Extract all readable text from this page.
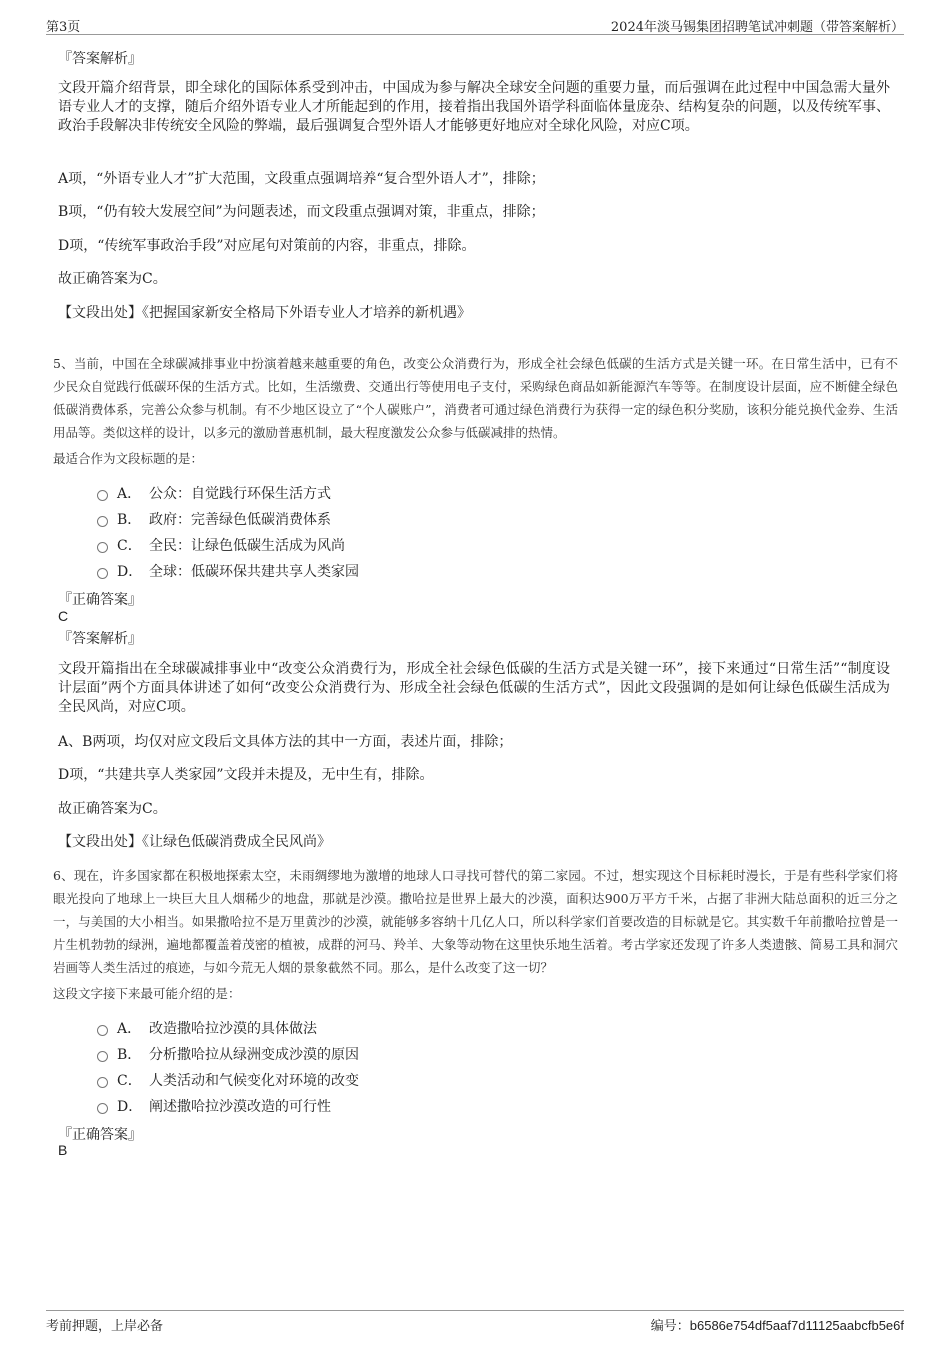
第3页	2024年淡马锡集团招聘笔试冲刺题（带答案解析）
『答案解析』
文段开篇介绍背景，即全球化的国际体系受到冲击，中国成为参与解决全球安全问题的重要力量，而后强调在此过程中中国急需大量外语专业人才的支撑，随后介绍外语专业人才所能起到的作用，接着指出我国外语学科面临体量庞杂、结构复杂的问题，以及传统军事、政治手段解决非传统安全风险的弊端，最后强调复合型外语人才能够更好地应对全球化风险，对应C项。
A项，“外语专业人才”扩大范围，文段重点强调培养“复合型外语人才”，排除；
B项，“仍有较大发展空间”为问题表述，而文段重点强调对策，非重点，排除；
D项，“传统军事政治手段”对应尾句对策前的内容，非重点，排除。
故正确答案为C。
【文段出处】《把握国家新安全格局下外语专业人才培养的新机遇》
5、当前，中国在全球碳减排事业中扮演着越来越重要的角色，改变公众消费行为，形成全社会绿色低碳的生活方式是关键一环。在日常生活中，已有不少民众自觉践行低碳环保的生活方式。比如，生活缴费、交通出行等使用电子支付，采购绿色商品如新能源汽车等等。在制度设计层面，应不断健全绿色低碳消费体系，完善公众参与机制。有不少地区设立了“个人碳账户”，消费者可通过绿色消费行为获得一定的绿色积分奖励，该积分能兑换代金券、生活用品等。类似这样的设计，以多元的激励普惠机制，最大程度激发公众参与低碳减排的热情。
最适合作为文段标题的是：
A． 公众：自觉践行环保生活方式
B． 政府：完善绿色低碳消费体系
C． 全民：让绿色低碳生活成为风尚
D． 全球：低碳环保共建共享人类家园
『正确答案』
C
『答案解析』
文段开篇指出在全球碳减排事业中“改变公众消费行为，形成全社会绿色低碳的生活方式是关键一环”，接下来通过“日常生活”“制度设计层面”两个方面具体讲述了如何“改变公众消费行为、形成全社会绿色低碳的生活方式”，因此文段强调的是如何让绿色低碳生活成为全民风尚，对应C项。
A、B两项，均仅对应文段后文具体方法的其中一方面，表述片面，排除；
D项，“共建共享人类家园”文段并未提及，无中生有，排除。
故正确答案为C。
【文段出处】《让绿色低碳消费成全民风尚》
6、现在，许多国家都在积极地探索太空，未雨绸缪地为激增的地球人口寻找可替代的第二家园。不过，想实现这个目标耗时漫长，于是有些科学家们将眼光投向了地球上一块巨大且人烟稀少的地盘，那就是沙漠。撒哈拉是世界上最大的沙漠，面积达900万平方千米，占据了非洲大陆总面积的近三分之一，与美国的大小相当。如果撒哈拉不是万里黄沙的沙漠，就能够多容纳十几亿人口，所以科学家们首要改造的目标就是它。其实数千年前撒哈拉曾是一片生机勃勃的绿洲，遍地都覆盖着茂密的植被，成群的河马、羚羊、大象等动物在这里快乐地生活着。考古学家还发现了许多人类遗骸、简易工具和洞穴岩画等人类生活过的痕迹，与如今荒无人烟的景象截然不同。那么，是什么改变了这一切？
这段文字接下来最可能介绍的是：
A． 改造撒哈拉沙漠的具体做法
B． 分析撒哈拉从绿洲变成沙漠的原因
C． 人类活动和气候变化对环境的改变
D． 阐述撒哈拉沙漠改造的可行性
『正确答案』
B
考前押题，上岸必备	编号：b6586e754df5aaf7d11125aabcfb5e6f
